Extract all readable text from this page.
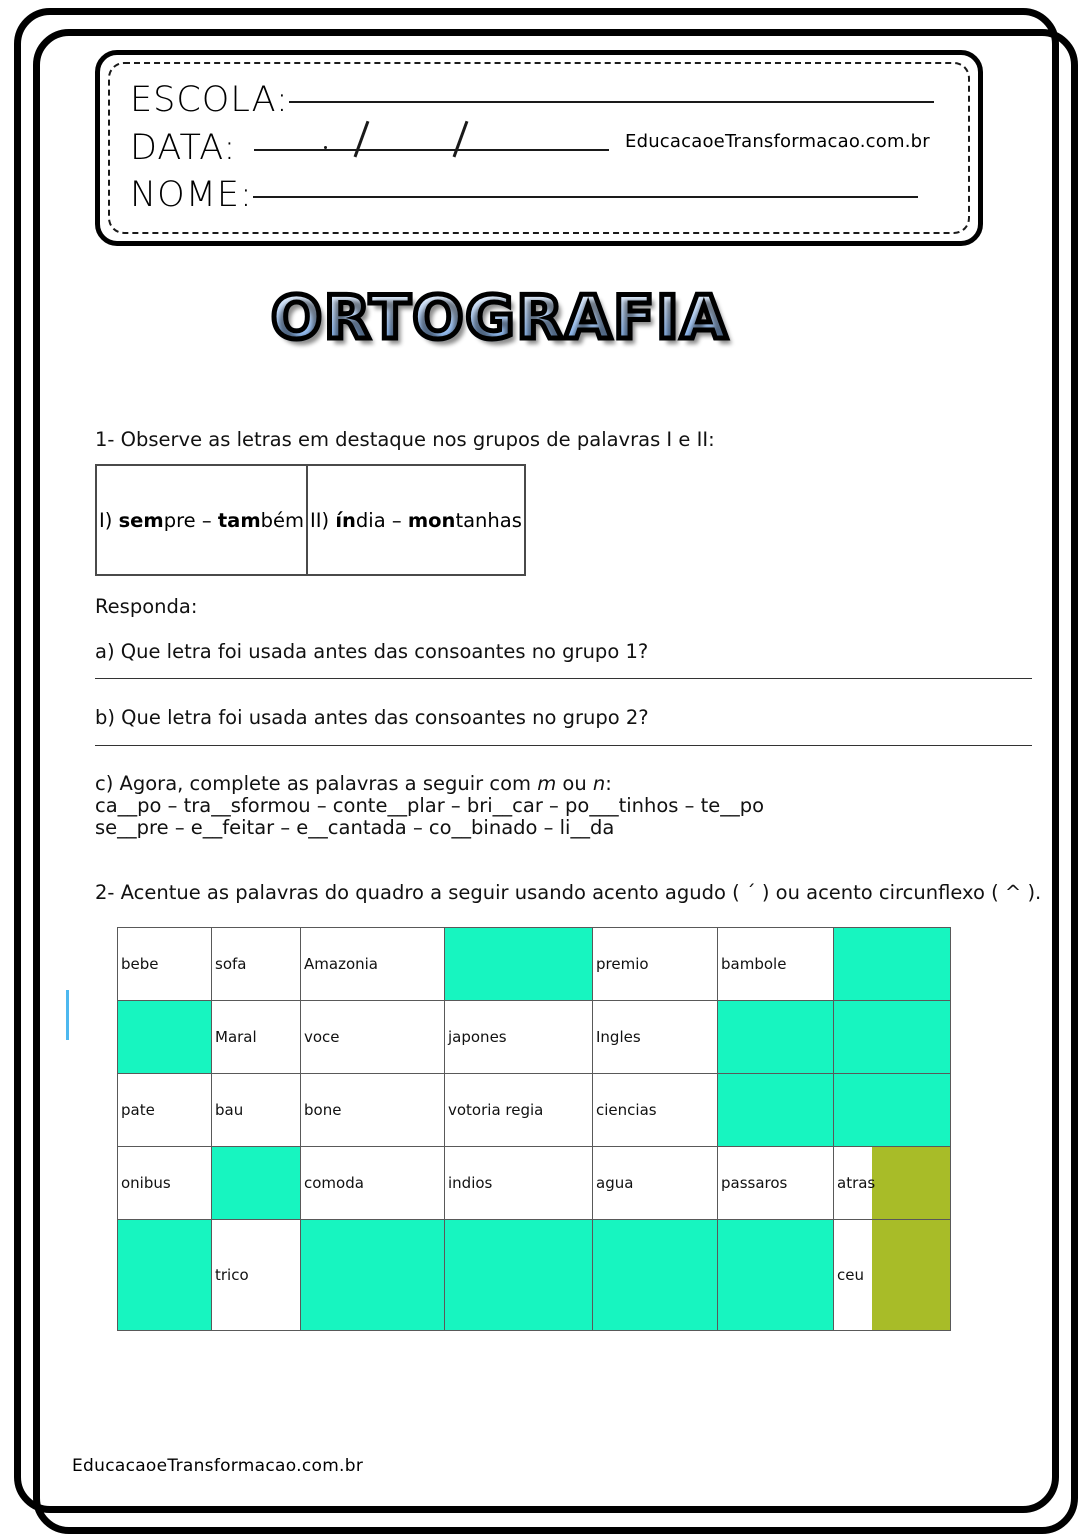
ESCOLA:
DATA:	EducacaoeTransformacao.com.br
NOME:
ORTOGRAFIA
1- Observe as letras em destaque nos grupos de palavras I e II:
I) sempre – também	II) índia – montanhas
Responda:
a) Que letra foi usada antes das consoantes no grupo 1?
b) Que letra foi usada antes das consoantes no grupo 2?
c) Agora, complete as palavras a seguir com m ou n:
ca__po – tra__sformou – conte__plar – bri__car – po___tinhos – te__po
se__pre – e__feitar – e__cantada – co__binado – li__da
2- Acentue as palavras do quadro a seguir usando acento agudo ( ´ ) ou acento circunflexo ( ^ ).
bebe	sofa	Amazonia		premio	bambole	
	Maral	voce	japones	Ingles		
pate	bau	bone	votoria regia	ciencias		
onibus		comoda	indios	agua	passaros	atras
	trico					ceu
EducacaoeTransformacao.com.br
